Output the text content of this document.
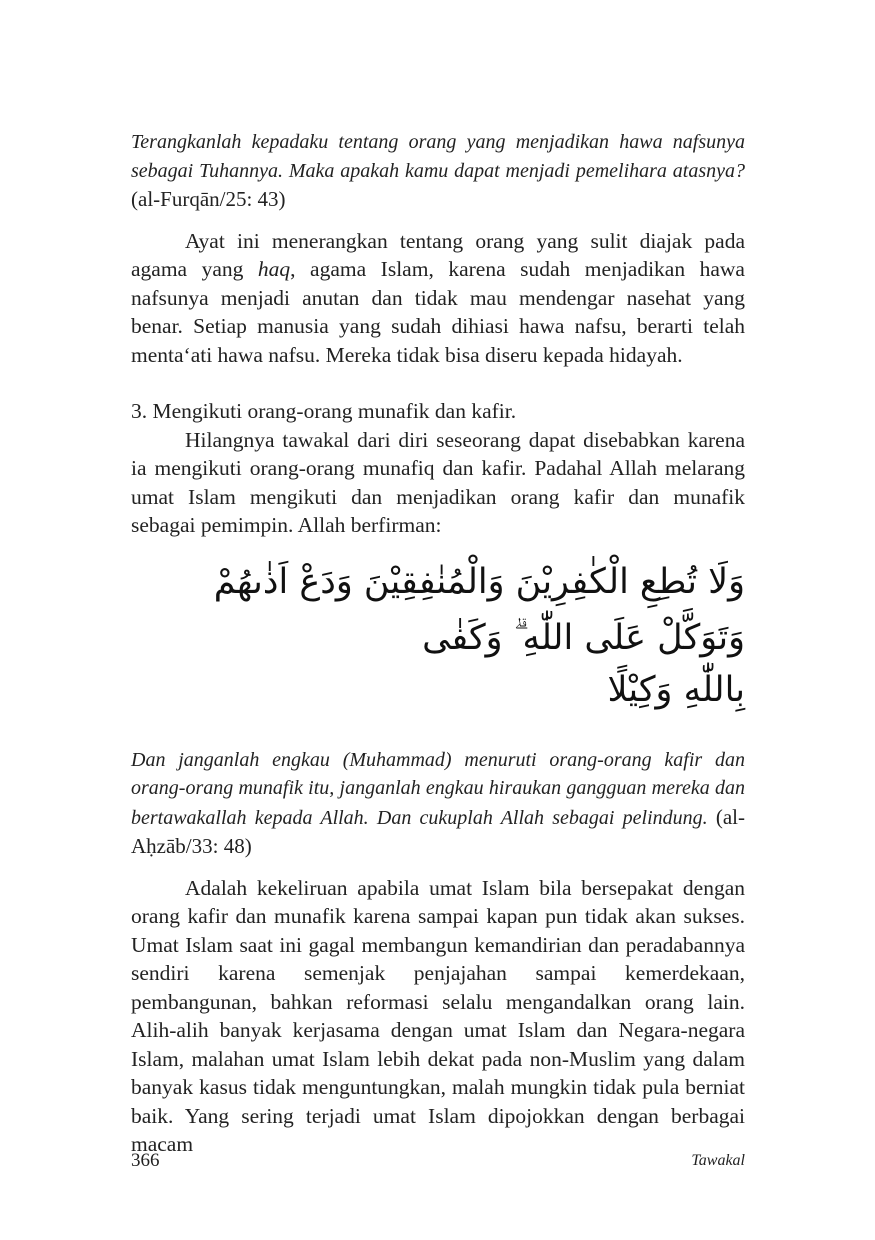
Terangkanlah kepadaku tentang orang yang menjadikan hawa nafsunya sebagai Tuhannya. Maka apakah kamu dapat menjadi pemelihara atasnya? (al-Furqān/25: 43)

Ayat ini menerangkan tentang orang yang sulit diajak pada agama yang haq, agama Islam, karena sudah menjadikan hawa nafsunya menjadi anutan dan tidak mau mendengar nasehat yang benar. Setiap manusia yang sudah dihiasi hawa nafsu, berarti telah menta‘ati hawa nafsu. Mereka tidak bisa diseru kepada hidayah.

3. Mengikuti orang-orang munafik dan kafir.

Hilangnya tawakal dari diri seseorang dapat disebabkan karena ia mengikuti orang-orang munafiq dan kafir. Padahal Allah melarang umat Islam mengikuti dan menjadikan orang kafir dan munafik sebagai pemimpin. Allah berfirman:

وَلَا تُطِعِ الْكٰفِرِيْنَ وَالْمُنٰفِقِيْنَ وَدَعْ اَذٰىهُمْ وَتَوَكَّلْ عَلَى اللّٰهِ ۗ وَكَفٰى
بِاللّٰهِ وَكِيْلًا

Dan janganlah engkau (Muhammad) menuruti orang-orang kafir dan orang-orang munafik itu, janganlah engkau hiraukan gangguan mereka dan bertawakallah kepada Allah. Dan cukuplah Allah sebagai pelindung. (al-Aḥzāb/33: 48)

Adalah kekeliruan apabila umat Islam bila bersepakat dengan orang kafir dan munafik karena sampai kapan pun tidak akan sukses. Umat Islam saat ini gagal membangun kemandirian dan peradabannya sendiri karena semenjak penjajahan sampai kemerdekaan, pembangunan, bahkan reformasi selalu mengandalkan orang lain. Alih-alih banyak kerjasama dengan umat Islam dan Negara-negara Islam, malahan umat Islam lebih dekat pada non-Muslim yang dalam banyak kasus tidak menguntungkan, malah mungkin tidak pula berniat baik. Yang sering terjadi umat Islam dipojokkan dengan berbagai macam

366	Tawakal
